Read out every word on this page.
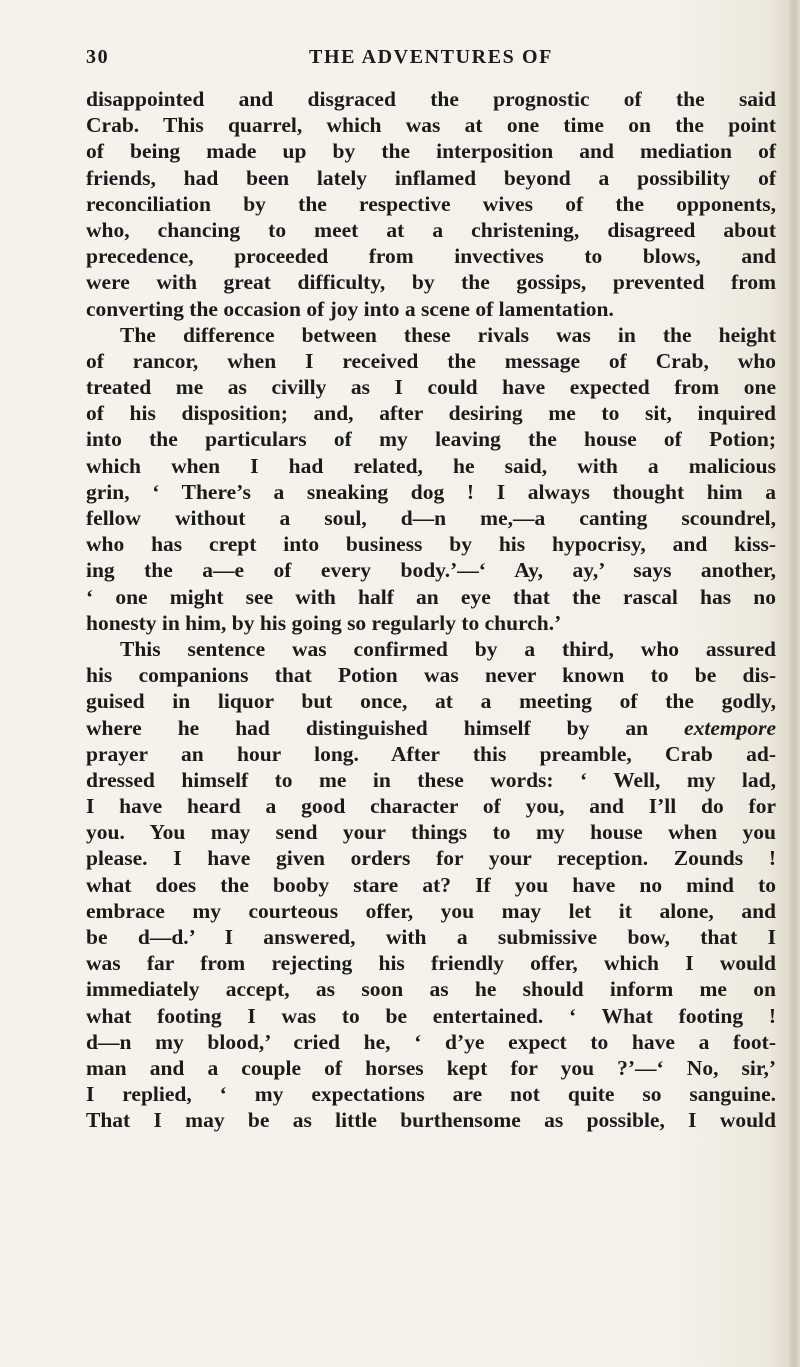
30	THE ADVENTURES OF
disappointed and disgraced the prognostic of the said
Crab. This quarrel, which was at one time on the point
of being made up by the interposition and mediation of
friends, had been lately inflamed beyond a possibility of
reconciliation by the respective wives of the opponents,
who, chancing to meet at a christening, disagreed about
precedence, proceeded from invectives to blows, and
were with great difficulty, by the gossips, prevented from
converting the occasion of joy into a scene of lamentation.
The difference between these rivals was in the height
of rancor, when I received the message of Crab, who
treated me as civilly as I could have expected from one
of his disposition; and, after desiring me to sit, inquired
into the particulars of my leaving the house of Potion;
which when I had related, he said, with a malicious
grin, ‘ There’s a sneaking dog ! I always thought him a
fellow without a soul, d—n me,—a canting scoundrel,
who has crept into business by his hypocrisy, and kiss-
ing the a—e of every body.’—‘ Ay, ay,’ says another,
‘ one might see with half an eye that the rascal has no
honesty in him, by his going so regularly to church.’
This sentence was confirmed by a third, who assured
his companions that Potion was never known to be dis-
guised in liquor but once, at a meeting of the godly,
where he had distinguished himself by an extempore
prayer an hour long. After this preamble, Crab ad-
dressed himself to me in these words: ‘ Well, my lad,
I have heard a good character of you, and I’ll do for
you. You may send your things to my house when you
please. I have given orders for your reception. Zounds !
what does the booby stare at? If you have no mind to
embrace my courteous offer, you may let it alone, and
be d—d.’ I answered, with a submissive bow, that I
was far from rejecting his friendly offer, which I would
immediately accept, as soon as he should inform me on
what footing I was to be entertained. ‘ What footing !
d—n my blood,’ cried he, ‘ d’ye expect to have a foot-
man and a couple of horses kept for you ?’—‘ No, sir,’
I replied, ‘ my expectations are not quite so sanguine.
That I may be as little burthensome as possible, I would
